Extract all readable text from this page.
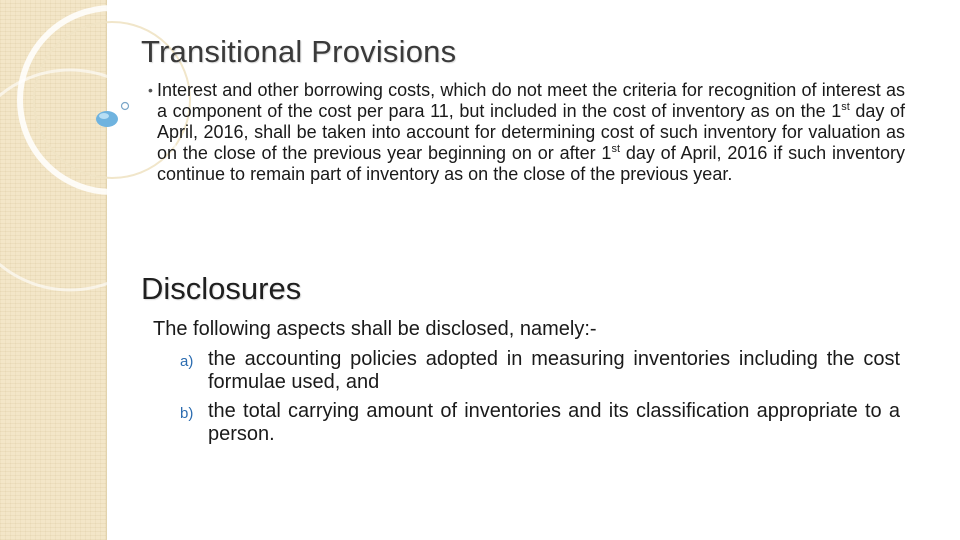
Transitional Provisions
• Interest and other borrowing costs, which do not meet the criteria for recognition of interest as a component of the cost per para 11, but included in the cost of inventory as on the 1st day of April, 2016, shall be taken into account for determining cost of such inventory for valuation as on the close of the previous year beginning on or after 1st day of April, 2016 if such inventory continue to remain part of inventory as on the close of the previous year.
Disclosures
The following aspects shall be disclosed, namely:-
a) the accounting policies adopted in measuring inventories including the cost formulae used, and
b) the total carrying amount of inventories and its classification appropriate to a person.
